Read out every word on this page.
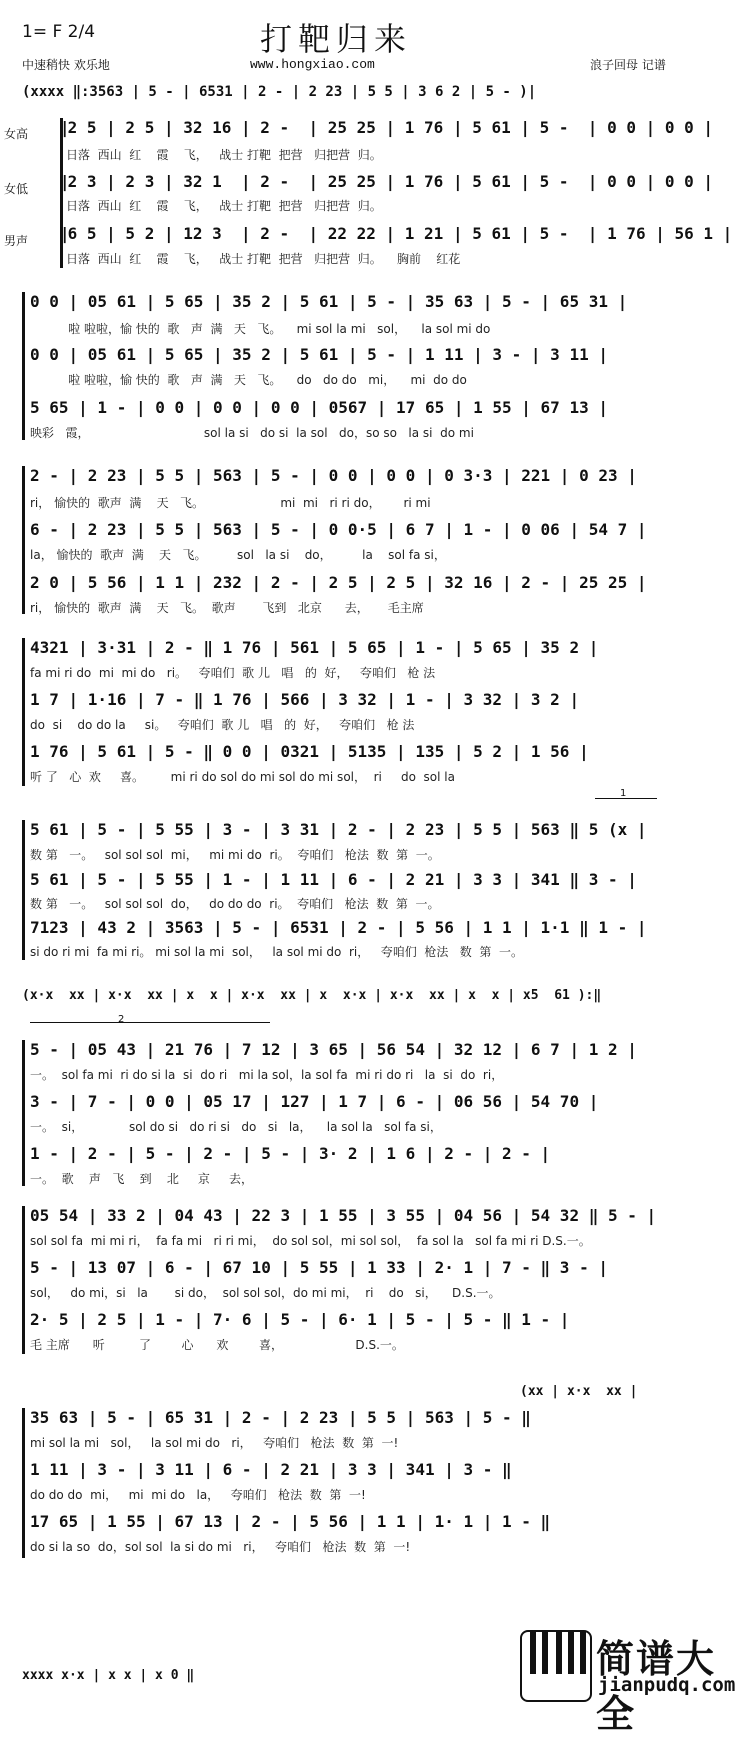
1= F 2/4	打靶归来
中速稍快 欢乐地	www.hongxiao.com	浪子回母 记谱
(xxxx ‖:3563 | 5 - | 6531 | 2 - | 2 23 | 5 5 | 3 6 2 | 5 - )|
女高
女低
男声
‖2 5 | 2 5 | 32 16 | 2 -  | 25 25 | 1 76 | 5 61 | 5 -  | 0 0 | 0 0 |
日落  西山  红    霞    飞，   战士 打靶  把营   归把营  归。
‖2 3 | 2 3 | 32 1  | 2 -  | 25 25 | 1 76 | 5 61 | 5 -  | 0 0 | 0 0 |
日落  西山  红    霞    飞，   战士 打靶  把营   归把营  归。
‖6 5 | 5 2 | 12 3  | 2 -  | 22 22 | 1 21 | 5 61 | 5 -  | 1 76 | 56 1 |
日落  西山  红    霞    飞，   战士 打靶  把营   归把营  归。    胸前    红花
0 0 | 05 61 | 5 65 | 35 2 | 5 61 | 5 - | 35 63 | 5 - | 65 31 |
啦 啦啦，愉 快的  歌   声  满   天   飞。    mi sol la mi   sol，    la sol mi do
0 0 | 05 61 | 5 65 | 35 2 | 5 61 | 5 - | 1 11 | 3 - | 3 11 |
啦 啦啦，愉 快的  歌   声  满   天   飞。    do   do do   mi，    mi  do do
5 65 | 1 - | 0 0 | 0 0 | 0 0 | 0567 | 17 65 | 1 55 | 67 13 |
映彩   霞，                              sol la si   do si  la sol   do，so so   la si  do mi
2 - | 2 23 | 5 5 | 563 | 5 - | 0 0 | 0 0 | 0 3·3 | 221 | 0 23 |
ri， 愉快的  歌声  满    天   飞。                    mi  mi   ri ri do，      ri mi
6 - | 2 23 | 5 5 | 563 | 5 - | 0 0·5 | 6 7 | 1 - | 0 06 | 54 7 |
la， 愉快的  歌声  满    天   飞。        sol   la si    do，        la    sol fa si，
2 0 | 5 56 | 1 1 | 232 | 2 - | 2 5 | 2 5 | 32 16 | 2 - | 25 25 |
ri， 愉快的  歌声  满    天   飞。  歌声       飞到   北京      去，     毛主席
4321 | 3·31 | 2 - ‖ 1 76 | 561 | 5 65 | 1 - | 5 65 | 35 2 |
fa mi ri do  mi  mi do   ri。   夸咱们  歌 儿   唱   的  好，   夸咱们   枪 法
1 7 | 1·16 | 7 - ‖ 1 76 | 566 | 3 32 | 1 - | 3 32 | 3 2 |
do  si    do do la     si。   夸咱们  歌 儿   唱   的  好，   夸咱们   枪 法
1 76 | 5 61 | 5 - ‖ 0 0 | 0321 | 5135 | 135 | 5 2 | 1 56 |
听 了   心  欢     喜。       mi ri do sol do mi sol do mi sol，  ri     do  sol la
1
5 61 | 5 - | 5 55 | 3 - | 3 31 | 2 - | 2 23 | 5 5 | 563 ‖ 5 (x |
数 第   一。   sol sol sol  mi，   mi mi do  ri。  夸咱们   枪法  数  第  一。
5 61 | 5 - | 5 55 | 1 - | 1 11 | 6 - | 2 21 | 3 3 | 341 ‖ 3 - |
数 第   一。   sol sol sol  do，   do do do  ri。  夸咱们   枪法  数  第  一。
7123 | 43 2 | 3563 | 5 - | 6531 | 2 - | 5 56 | 1 1 | 1·1 ‖ 1 - |
si do ri mi  fa mi ri。 mi sol la mi  sol，   la sol mi do  ri，   夸咱们  枪法   数  第  一。
(x·x  xx | x·x  xx | x  x | x·x  xx | x  x·x | x·x  xx | x  x | x5  61 ):‖
2
5 - | 05 43 | 21 76 | 7 12 | 3 65 | 56 54 | 32 12 | 6 7 | 1 2 |
一。  sol fa mi  ri do si la  si  do ri   mi la sol，la sol fa  mi ri do ri   la  si  do  ri，
3 - | 7 - | 0 0 | 05 17 | 127 | 1 7 | 6 - | 06 56 | 54 70 |
一。  si，            sol do si   do ri si   do   si   la，    la sol la   sol fa si，
1 - | 2 - | 5 - | 2 - | 5 - | 3· 2 | 1 6 | 2 - | 2 - |
一。  歌    声   飞    到    北     京     去，
05 54 | 33 2 | 04 43 | 22 3 | 1 55 | 3 55 | 04 56 | 54 32 ‖ 5 - |
sol sol fa  mi mi ri，  fa fa mi   ri ri mi，  do sol sol，mi sol sol，  fa sol la   sol fa mi ri D.S.一。
5 - | 13 07 | 6 - | 67 10 | 5 55 | 1 33 | 2· 1 | 7 - ‖ 3 - |
sol，   do mi，si   la       si do，  sol sol sol，do mi mi，  ri    do   si，    D.S.一。
2· 5 | 2 5 | 1 - | 7· 6 | 5 - | 6· 1 | 5 - | 5 - ‖ 1 - |
毛 主席      听         了        心      欢        喜，                   D.S.一。
(xx | x·x  xx |
35 63 | 5 - | 65 31 | 2 - | 2 23 | 5 5 | 563 | 5 - ‖
mi sol la mi   sol，   la sol mi do   ri，   夸咱们   枪法  数  第  一!
1 11 | 3 - | 3 11 | 6 - | 2 21 | 3 3 | 341 | 3 - ‖
do do do  mi，   mi  mi do   la，   夸咱们   枪法  数  第  一!
17 65 | 1 55 | 67 13 | 2 - | 5 56 | 1 1 | 1· 1 | 1 - ‖
do si la so  do，sol sol  la si do mi   ri，   夸咱们   枪法  数  第  一!
xxxx x·x | x x | x 0 ‖	简谱大全
jianpudq.com
